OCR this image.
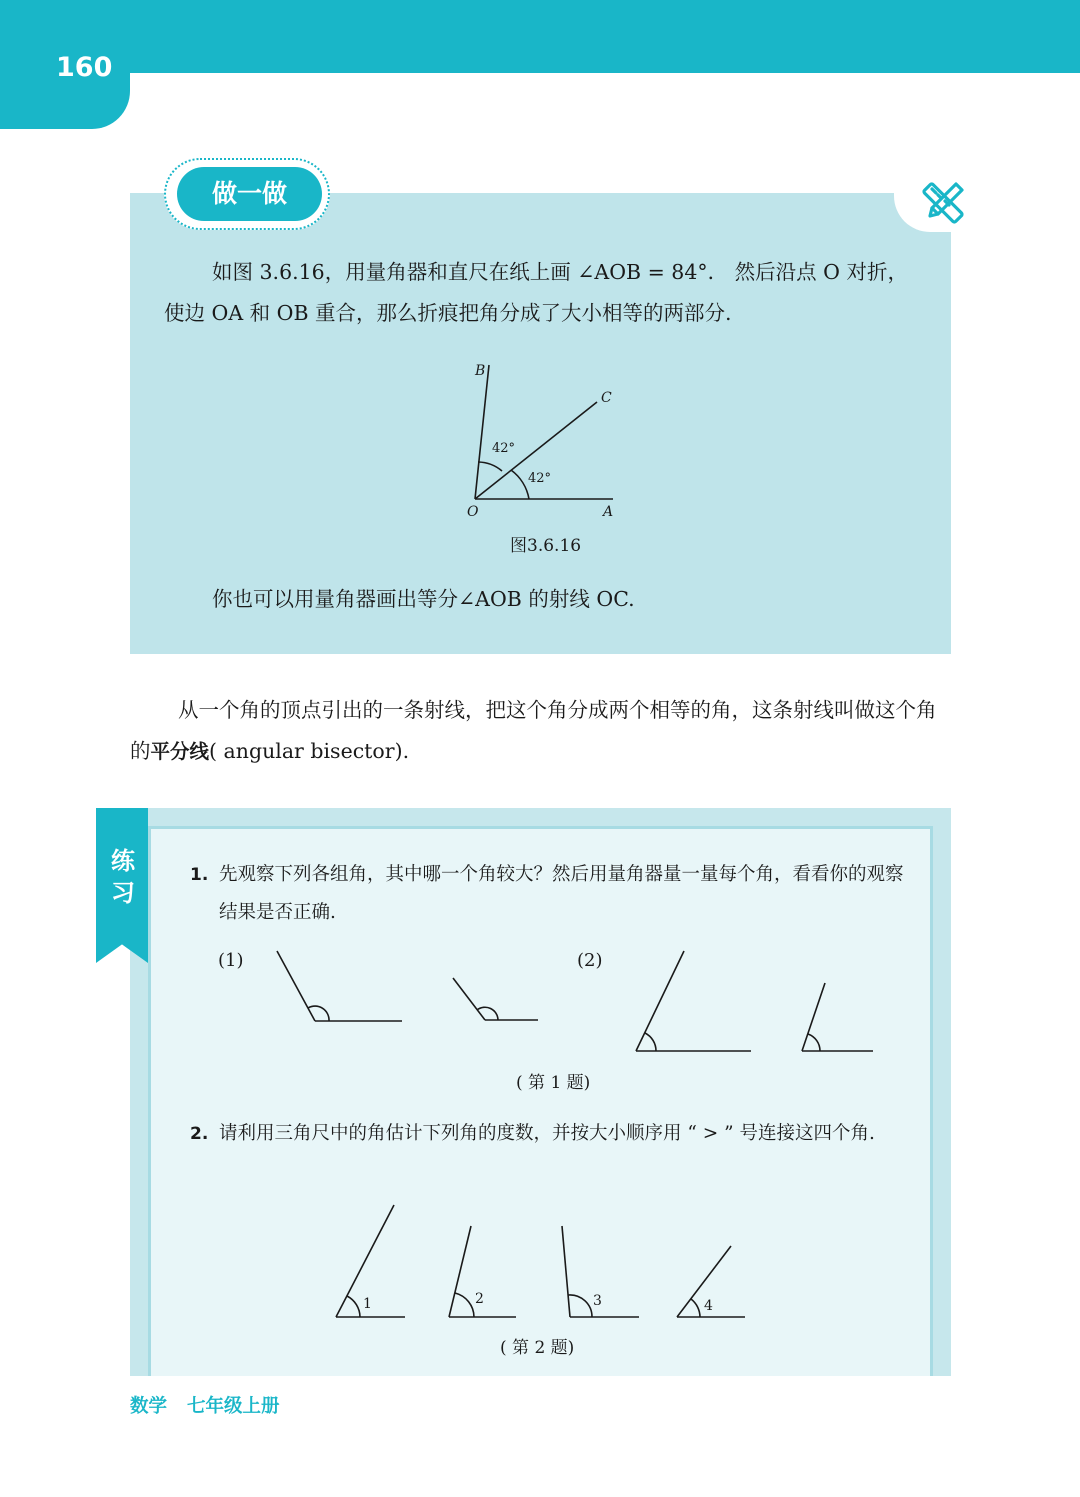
160
做一做

如图 3.6.16，用量角器和直尺在纸上画 ∠AOB = 84°． 然后沿点 O 对折，使边 OA 和 OB 重合，那么折痕把角分成了大小相等的两部分.

B
C
O	A
42°
42°
图3.6.16

你也可以用量角器画出等分∠AOB 的射线 OC.

从一个角的顶点引出的一条射线，把这个角分成两个相等的角，这条射线叫做这个角的平分线( angular bisector).

练习
1. 先观察下列各组角，其中哪一个角较大？然后用量角器量一量每个角，看看你的观察结果是否正确.

(1)	(2)
( 第 1 题)
2. 请利用三角尺中的角估计下列角的度数，并按大小顺序用 “ > ” 号连接这四个角.

1	2	3	4
( 第 2 题)
数学 七年级上册
